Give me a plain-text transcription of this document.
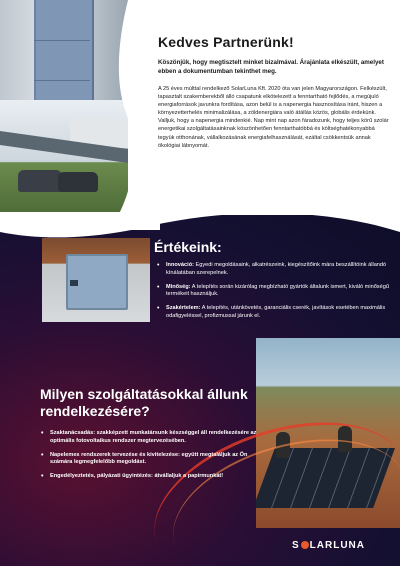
Kedves Partnerünk!

Köszönjük, hogy megtisztelt minket bizalmával. Árajánlata elkészült, amelyet ebben a dokumentumban tekinthet meg.

A 25 éves múlttal rendelkező SolarLuna Kft. 2020 óta van jelen Magyarországon. Felkészült, tapasztalt szakemberekből álló csapatunk elkötelezett a fenntartható fejlődés, a megújuló energiaforrások javunkra fordítása, azon belül is a napenergia hasznosítása iránt, hiszen a környezetterhelés minimalizálása, a zöldenergiára való átállás közös, globális érdekünk. Valljuk, hogy a napenergia mindenkié. Nap mint nap azon fáradozunk, hogy teljes körű szolár energetikai szolgáltatásainknak köszönhetően fenntarthatóbbá és költséghatékonyabbá tegyük otthonának, vállalkozásának energiafelhasználását, ezáltal csökkentsük annak ökológiai lábnyomát.

Értékeink:
• Innováció: Egyedi megoldásaink, alkatrészeink, kiegészítőink mára beszállítóink állandó kínálatában szerepelnek.
• Minőség: A telepítés során kizárólag megbízható gyártók általunk ismert, kiváló minőségű termékeit használjuk.
• Szakértelem: A telepítés, utánkövetés, garanciális cserék, javítások esetében maximális odafigyeléssel, profizmussal járunk el.
Milyen szolgáltatásokkal állunk rendelkezésére?
• Szaktanácsadás: szakképzett munkatársunk készséggel áll rendelkezésére az optimális fotovoltaikus rendszer megtervezésében.
• Napelemes rendszerek tervezése és kivitelezése: együtt megtaláljuk az Ön számára legmegfelelőbb megoldást.
• Engedélyeztetés, pályázati ügyintézés: átvállaljuk a papírmunkát!
S LARLUNA
